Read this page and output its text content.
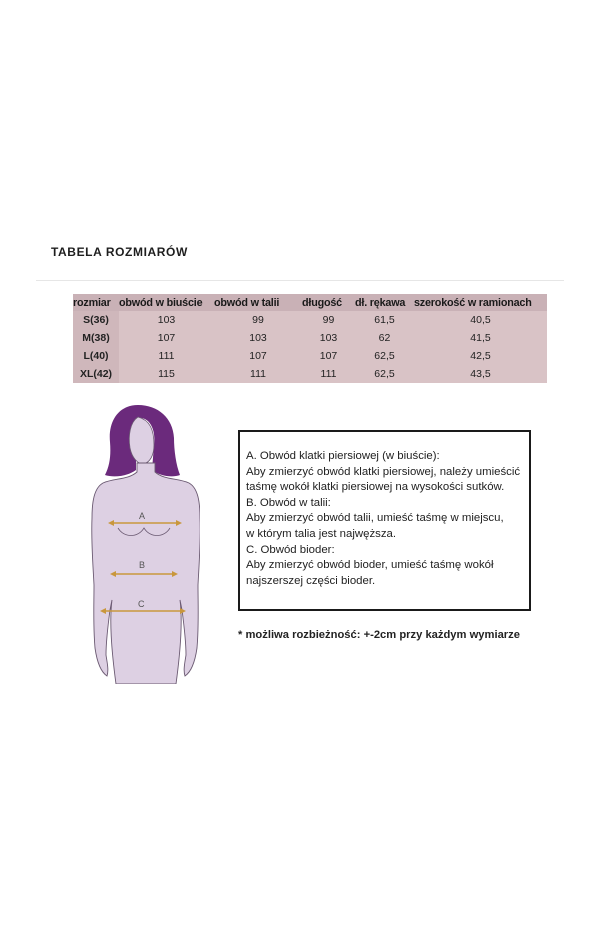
TABELA ROZMIARÓW
rozmiar	obwód w biuście	obwód w talii	długość	dł. rękawa	szerokość w ramionach
S(36)	103	99	99	61,5	40,5
M(38)	107	103	103	62	41,5
L(40)	111	107	107	62,5	42,5
XL(42)	115	111	111	62,5	43,5
A
B
C

A. Obwód klatki piersiowej (w biuście):

Aby zmierzyć obwód klatki piersiowej, należy umieścić

taśmę wokół klatki piersiowej na wysokości sutków.

B. Obwód w talii:

Aby zmierzyć obwód talii, umieść taśmę w miejscu,

w którym talia jest najwęższa.

C. Obwód bioder:

Aby zmierzyć obwód bioder, umieść taśmę wokół

najszerszej części bioder.

* możliwa rozbieżność: +-2cm przy każdym wymiarze
